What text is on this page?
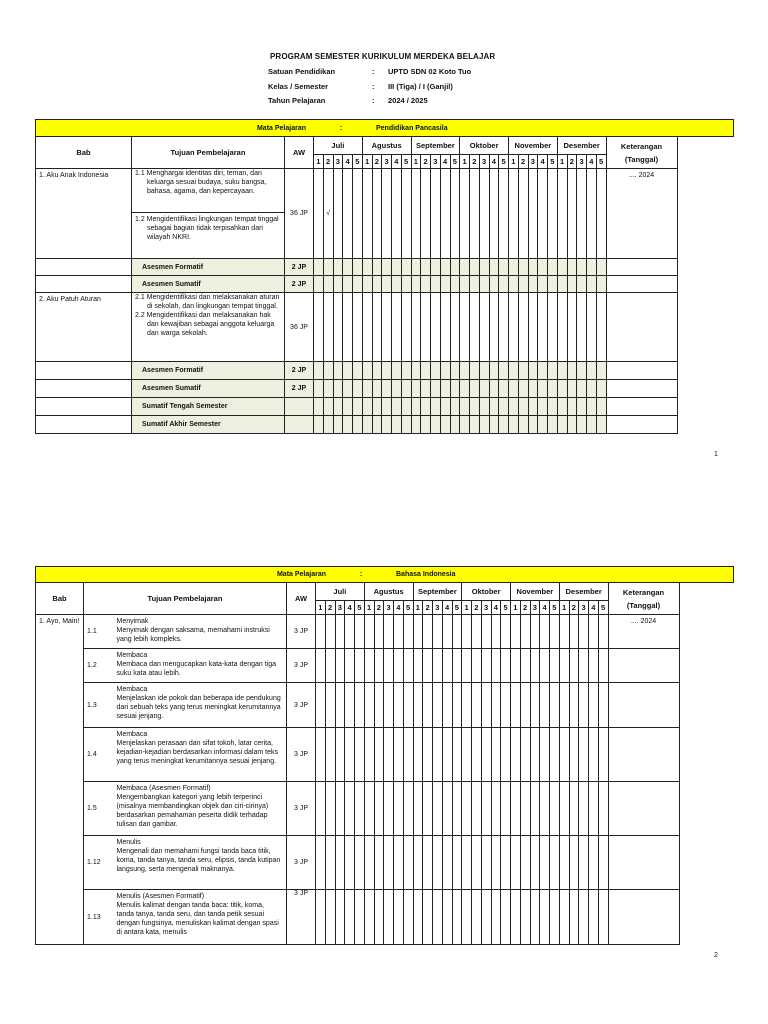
PROGRAM SEMESTER KURIKULUM MERDEKA BELAJAR
Satuan Pendidikan	: UPTD SDN 02 Koto Tuo
Kelas / Semester	: III (Tiga) / I (Ganjil)
Tahun Pelajaran	: 2024 / 2025
Mata Pelajaran : Pendidikan Pancasila																																	
Bab	Tujuan Pembelajaran	AW	Juli					Agustus					September					Oktober					November					Desember					Keterangan
(Tanggal)

			1	2	3	4	5	1	2	3	4	5	1	2	3	4	5	1	2	3	4	5	1	2	3	4	5	1	2	3	4	5	
1. Aku Anak Indonesia	1.1 Menghargai identitas diri, teman, dan keluarga sesuai budaya, suku bangsa, bahasa, agama, dan kepercayaan.	36 JP		√																													.... 2024

	1.2 Mengidentifikasi lingkungan tempat tinggal sebagai bagian tidak terpisahkan dari wilayah NKRI.																																

	Asesmen Formatif	2 JP																															
	Asesmen Sumatif	2 JP																															
2. Aku Patuh Aturan	2.1 Mengidentifikasi dan melaksanakan aturan di sekolah, dan lingkungan tempat tinggal.
2.2 Mengidentifikasi dan melaksanakan hak dan kewajiban sebagai anggota keluarga dan warga sekolah.	36 JP																															
	Asesmen Formatif	2 JP																															
	Asesmen Sumatif	2 JP																															
	Sumatif Tengah Semester																																
	Sumatif Akhir Semester																																
1
Mata Pelajaran : Bahasa Indonesia																																		
Bab	Tujuan Pembelajaran		AW	Juli					Agustus					September					Oktober					November					Desember					Keterangan
(Tanggal)

				1	2	3	4	5	1	2	3	4	5	1	2	3	4	5	1	2	3	4	5	1	2	3	4	5	1	2	3	4	5	
1. Ayo, Main!	1.1	Menyimak
Menyimak dengan saksama, memahami instruksi yang lebih kompleks.	3 JP																															.... 2024
	1.2	Membaca
Membaca dan mengucapkan kata-kata dengan tiga suku kata atau lebih.	3 JP																															
	1.3	Membaca
Menjelaskan ide pokok dan beberapa ide pendukung dari sebuah teks yang terus meningkat kerumitannya sesuai jenjang.	3 JP																															
	1.4	Membaca
Menjelaskan perasaan dan sifat tokoh, latar cerita, kejadian-kejadian berdasarkan informasi dalam teks yang terus meningkat kerumitannya sesuai jenjang.	3 JP																															
	1.5	Membaca (Asesmen Formatif)
Mengembangkan kategori yang lebih terperinci (misalnya membandingkan objek dan ciri-cirinya) berdasarkan pemahaman peserta didik terhadap tulisan dan gambar.	3 JP																															
	1.12	Menulis
Mengenali dan memahami fungsi tanda baca titik, koma, tanda tanya, tanda seru, elipsis, tanda kutipan langsung, serta mengenali maknanya.	3 JP																															
	1.13	Menulis (Asesmen Formatif)
Menulis kalimat dengan tanda baca: titik, koma, tanda tanya, tanda seru, dan tanda petik sesuai dengan fungsinya, menuliskan kalimat dengan spasi di antara kata, menulis	3 JP																															
2
